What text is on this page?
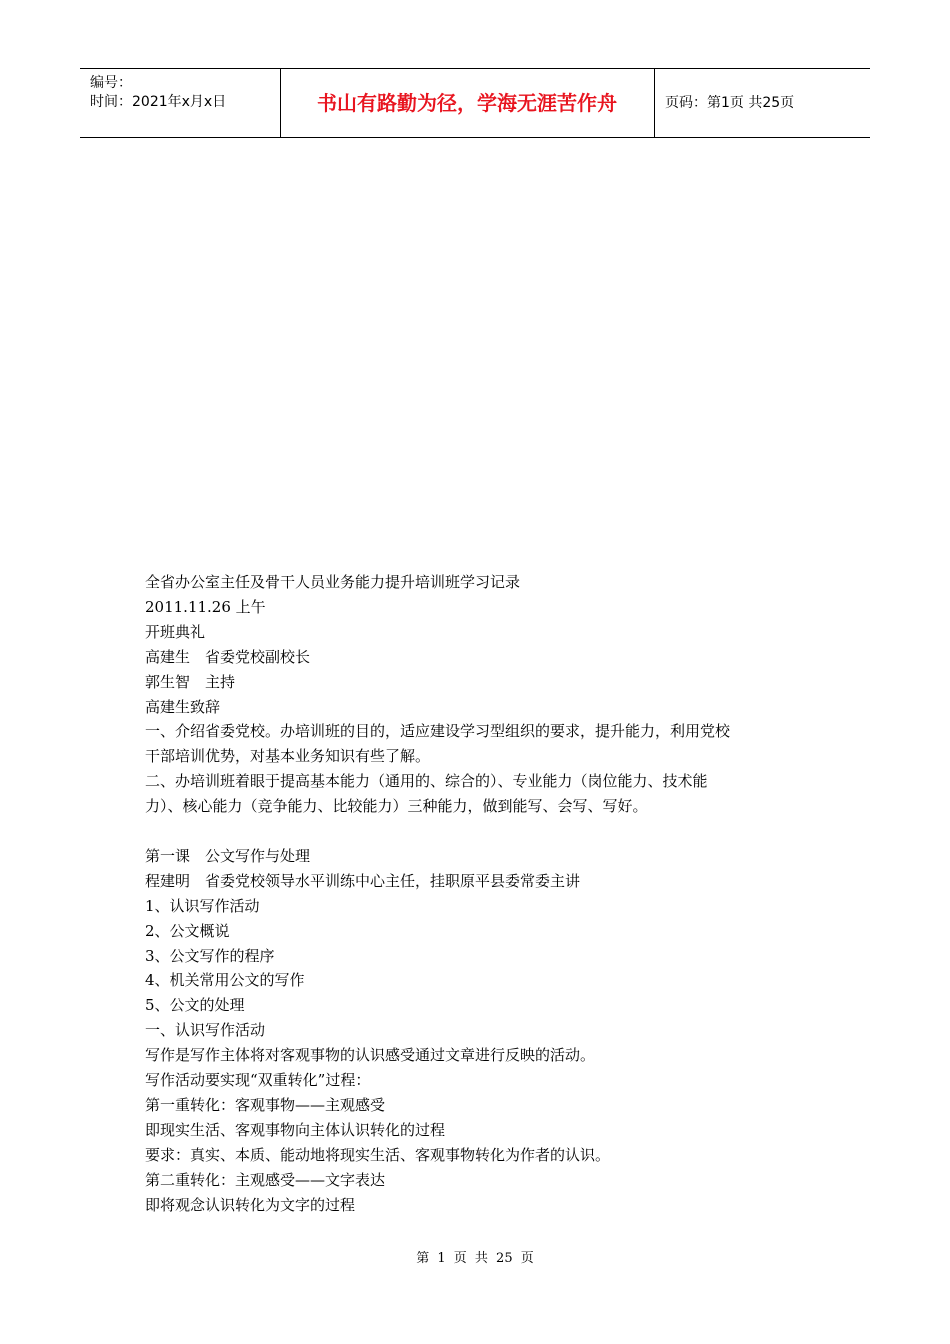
编号：
时间：2021年x月x日	书山有路勤为径，学海无涯苦作舟	页码：第1页 共25页

全省办公室主任及骨干人员业务能力提升培训班学习记录

2011.11.26 上午

开班典礼

高建生　省委党校副校长

郭生智　主持

高建生致辞

一、介绍省委党校。办培训班的目的，适应建设学习型组织的要求，提升能力，利用党校

干部培训优势，对基本业务知识有些了解。

二、办培训班着眼于提高基本能力（通用的、综合的）、专业能力（岗位能力、技术能

力）、核心能力（竞争能力、比较能力）三种能力，做到能写、会写、写好。

第一课　公文写作与处理

程建明　省委党校领导水平训练中心主任，挂职原平县委常委主讲

1、认识写作活动

2、公文概说

3、公文写作的程序

4、机关常用公文的写作

5、公文的处理

一、认识写作活动

写作是写作主体将对客观事物的认识感受通过文章进行反映的活动。

写作活动要实现“双重转化”过程：

第一重转化：客观事物——主观感受

即现实生活、客观事物向主体认识转化的过程

要求：真实、本质、能动地将现实生活、客观事物转化为作者的认识。

第二重转化：主观感受——文字表达

即将观念认识转化为文字的过程

第 1 页 共 25 页
